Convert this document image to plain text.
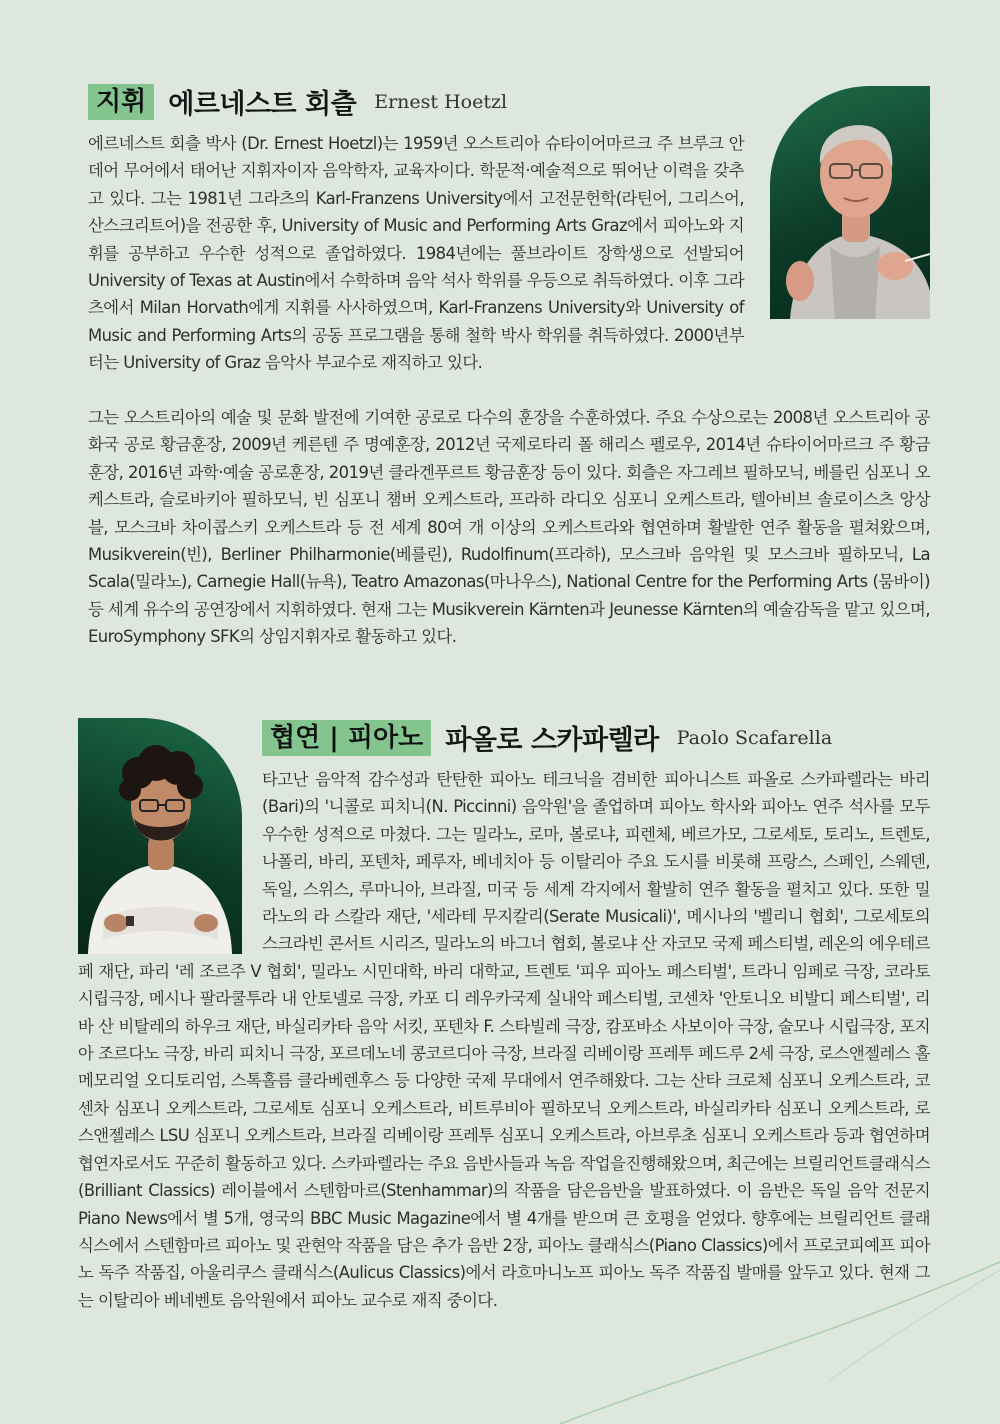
지휘 에르네스트 회츨 Ernest Hoetzl

에르네스트 회츨 박사 (Dr. Ernest Hoetzl)는 1959년 오스트리아 슈타이어마르크 주 브루크 안 데어 무어에서 태어난 지휘자이자 음악학자, 교육자이다. 학문적·예술적으로 뛰어난 이력을 갖추고 있다. 그는 1981년 그라츠의 Karl-Franzens University에서 고전문헌학(라틴어, 그리스어, 산스크리트어)을 전공한 후, University of Music and Performing Arts Graz에서 피아노와 지휘를 공부하고 우수한 성적으로 졸업하였다. 1984년에는 풀브라이트 장학생으로 선발되어 University of Texas at Austin에서 수학하며 음악 석사 학위를 우등으로 취득하였다. 이후 그라츠에서 Milan Horvath에게 지휘를 사사하였으며, Karl-Franzens University와 University of Music and Performing Arts의 공동 프로그램을 통해 철학 박사 학위를 취득하였다. 2000년부터는 University of Graz 음악사 부교수로 재직하고 있다.

그는 오스트리아의 예술 및 문화 발전에 기여한 공로로 다수의 훈장을 수훈하였다. 주요 수상으로는 2008년 오스트리아 공화국 공로 황금훈장, 2009년 케른텐 주 명예훈장, 2012년 국제로타리 폴 해리스 펠로우, 2014년 슈타이어마르크 주 황금훈장, 2016년 과학·예술 공로훈장, 2019년 클라겐푸르트 황금훈장 등이 있다. 회츨은 자그레브 필하모닉, 베를린 심포니 오케스트라, 슬로바키아 필하모닉, 빈 심포니 챔버 오케스트라, 프라하 라디오 심포니 오케스트라, 텔아비브 솔로이스츠 앙상블, 모스크바 차이콥스키 오케스트라 등 전 세계 80여 개 이상의 오케스트라와 협연하며 활발한 연주 활동을 펼쳐왔으며, Musikverein(빈), Berliner Philharmonie(베를린), Rudolfinum(프라하), 모스크바 음악원 및 모스크바 필하모닉, La Scala(밀라노), Carnegie Hall(뉴욕), Teatro Amazonas(마나우스), National Centre for the Performing Arts (뭄바이) 등 세계 유수의 공연장에서 지휘하였다. 현재 그는 Musikverein Kärnten과 Jeunesse Kärnten의 예술감독을 맡고 있으며, EuroSymphony SFK의 상임지휘자로 활동하고 있다.

협연 | 피아노 파올로 스카파렐라 Paolo Scafarella

타고난 음악적 감수성과 탄탄한 피아노 테크닉을 겸비한 피아니스트 파올로 스카파렐라는 바리(Bari)의 '니콜로 피치니(N. Piccinni) 음악원'을 졸업하며 피아노 학사와 피아노 연주 석사를 모두 우수한 성적으로 마쳤다. 그는 밀라노, 로마, 볼로냐, 피렌체, 베르가모, 그로세토, 토리노, 트렌토, 나폴리, 바리, 포텐차, 페루자, 베네치아 등 이탈리아 주요 도시를 비롯해 프랑스, 스페인, 스웨덴, 독일, 스위스, 루마니아, 브라질, 미국 등 세계 각지에서 활발히 연주 활동을 펼치고 있다. 또한 밀라노의 라 스칼라 재단, '세라테 무지칼리(Serate Musicali)', 메시나의 '벨리니 협회', 그로세토의 스크라빈 콘서트 시리즈, 밀라노의 바그너 협회, 볼로냐 산 자코모 국제 페스티벌, 레온의 에우테르페 재단, 파리 '레 조르주 V 협회', 밀라노 시민대학, 바리 대학교, 트렌토 '피우 피아노 페스티벌', 트라니 임페로 극장, 코라토 시립극장, 메시나 팔라쿨투라 내 안토넬로 극장, 카포 디 레우카국제 실내악 페스티벌, 코센차 '안토니오 비발디 페스티벌', 리바 산 비탈레의 하우크 재단, 바실리카타 음악 서킷, 포텐차 F. 스타빌레 극장, 캄포바소 사보이아 극장, 술모나 시립극장, 포지아 조르다노 극장, 바리 피치니 극장, 포르데노네 콩코르디아 극장, 브라질 리베이랑 프레투 페드루 2세 극장, 로스앤젤레스 홀 메모리얼 오디토리엄, 스톡홀름 클라베렌후스 등 다양한 국제 무대에서 연주해왔다. 그는 산타 크로체 심포니 오케스트라, 코센차 심포니 오케스트라, 그로세토 심포니 오케스트라, 비트루비아 필하모닉 오케스트라, 바실리카타 심포니 오케스트라, 로스앤젤레스 LSU 심포니 오케스트라, 브라질 리베이랑 프레투 심포니 오케스트라, 아브루초 심포니 오케스트라 등과 협연하며 협연자로서도 꾸준히 활동하고 있다. 스카파렐라는 주요 음반사들과 녹음 작업을진행해왔으며, 최근에는 브릴리언트클래식스(Brilliant Classics) 레이블에서 스텐함마르(Stenhammar)의 작품을 담은음반을 발표하였다. 이 음반은 독일 음악 전문지 Piano News에서 별 5개, 영국의 BBC Music Magazine에서 별 4개를 받으며 큰 호평을 얻었다. 향후에는 브릴리언트 클래식스에서 스텐함마르 피아노 및 관현악 작품을 담은 추가 음반 2장, 피아노 클래식스(Piano Classics)에서 프로코피예프 피아노 독주 작품집, 아울리쿠스 클래식스(Aulicus Classics)에서 라흐마니노프 피아노 독주 작품집 발매를 앞두고 있다. 현재 그는 이탈리아 베네벤토 음악원에서 피아노 교수로 재직 중이다.
